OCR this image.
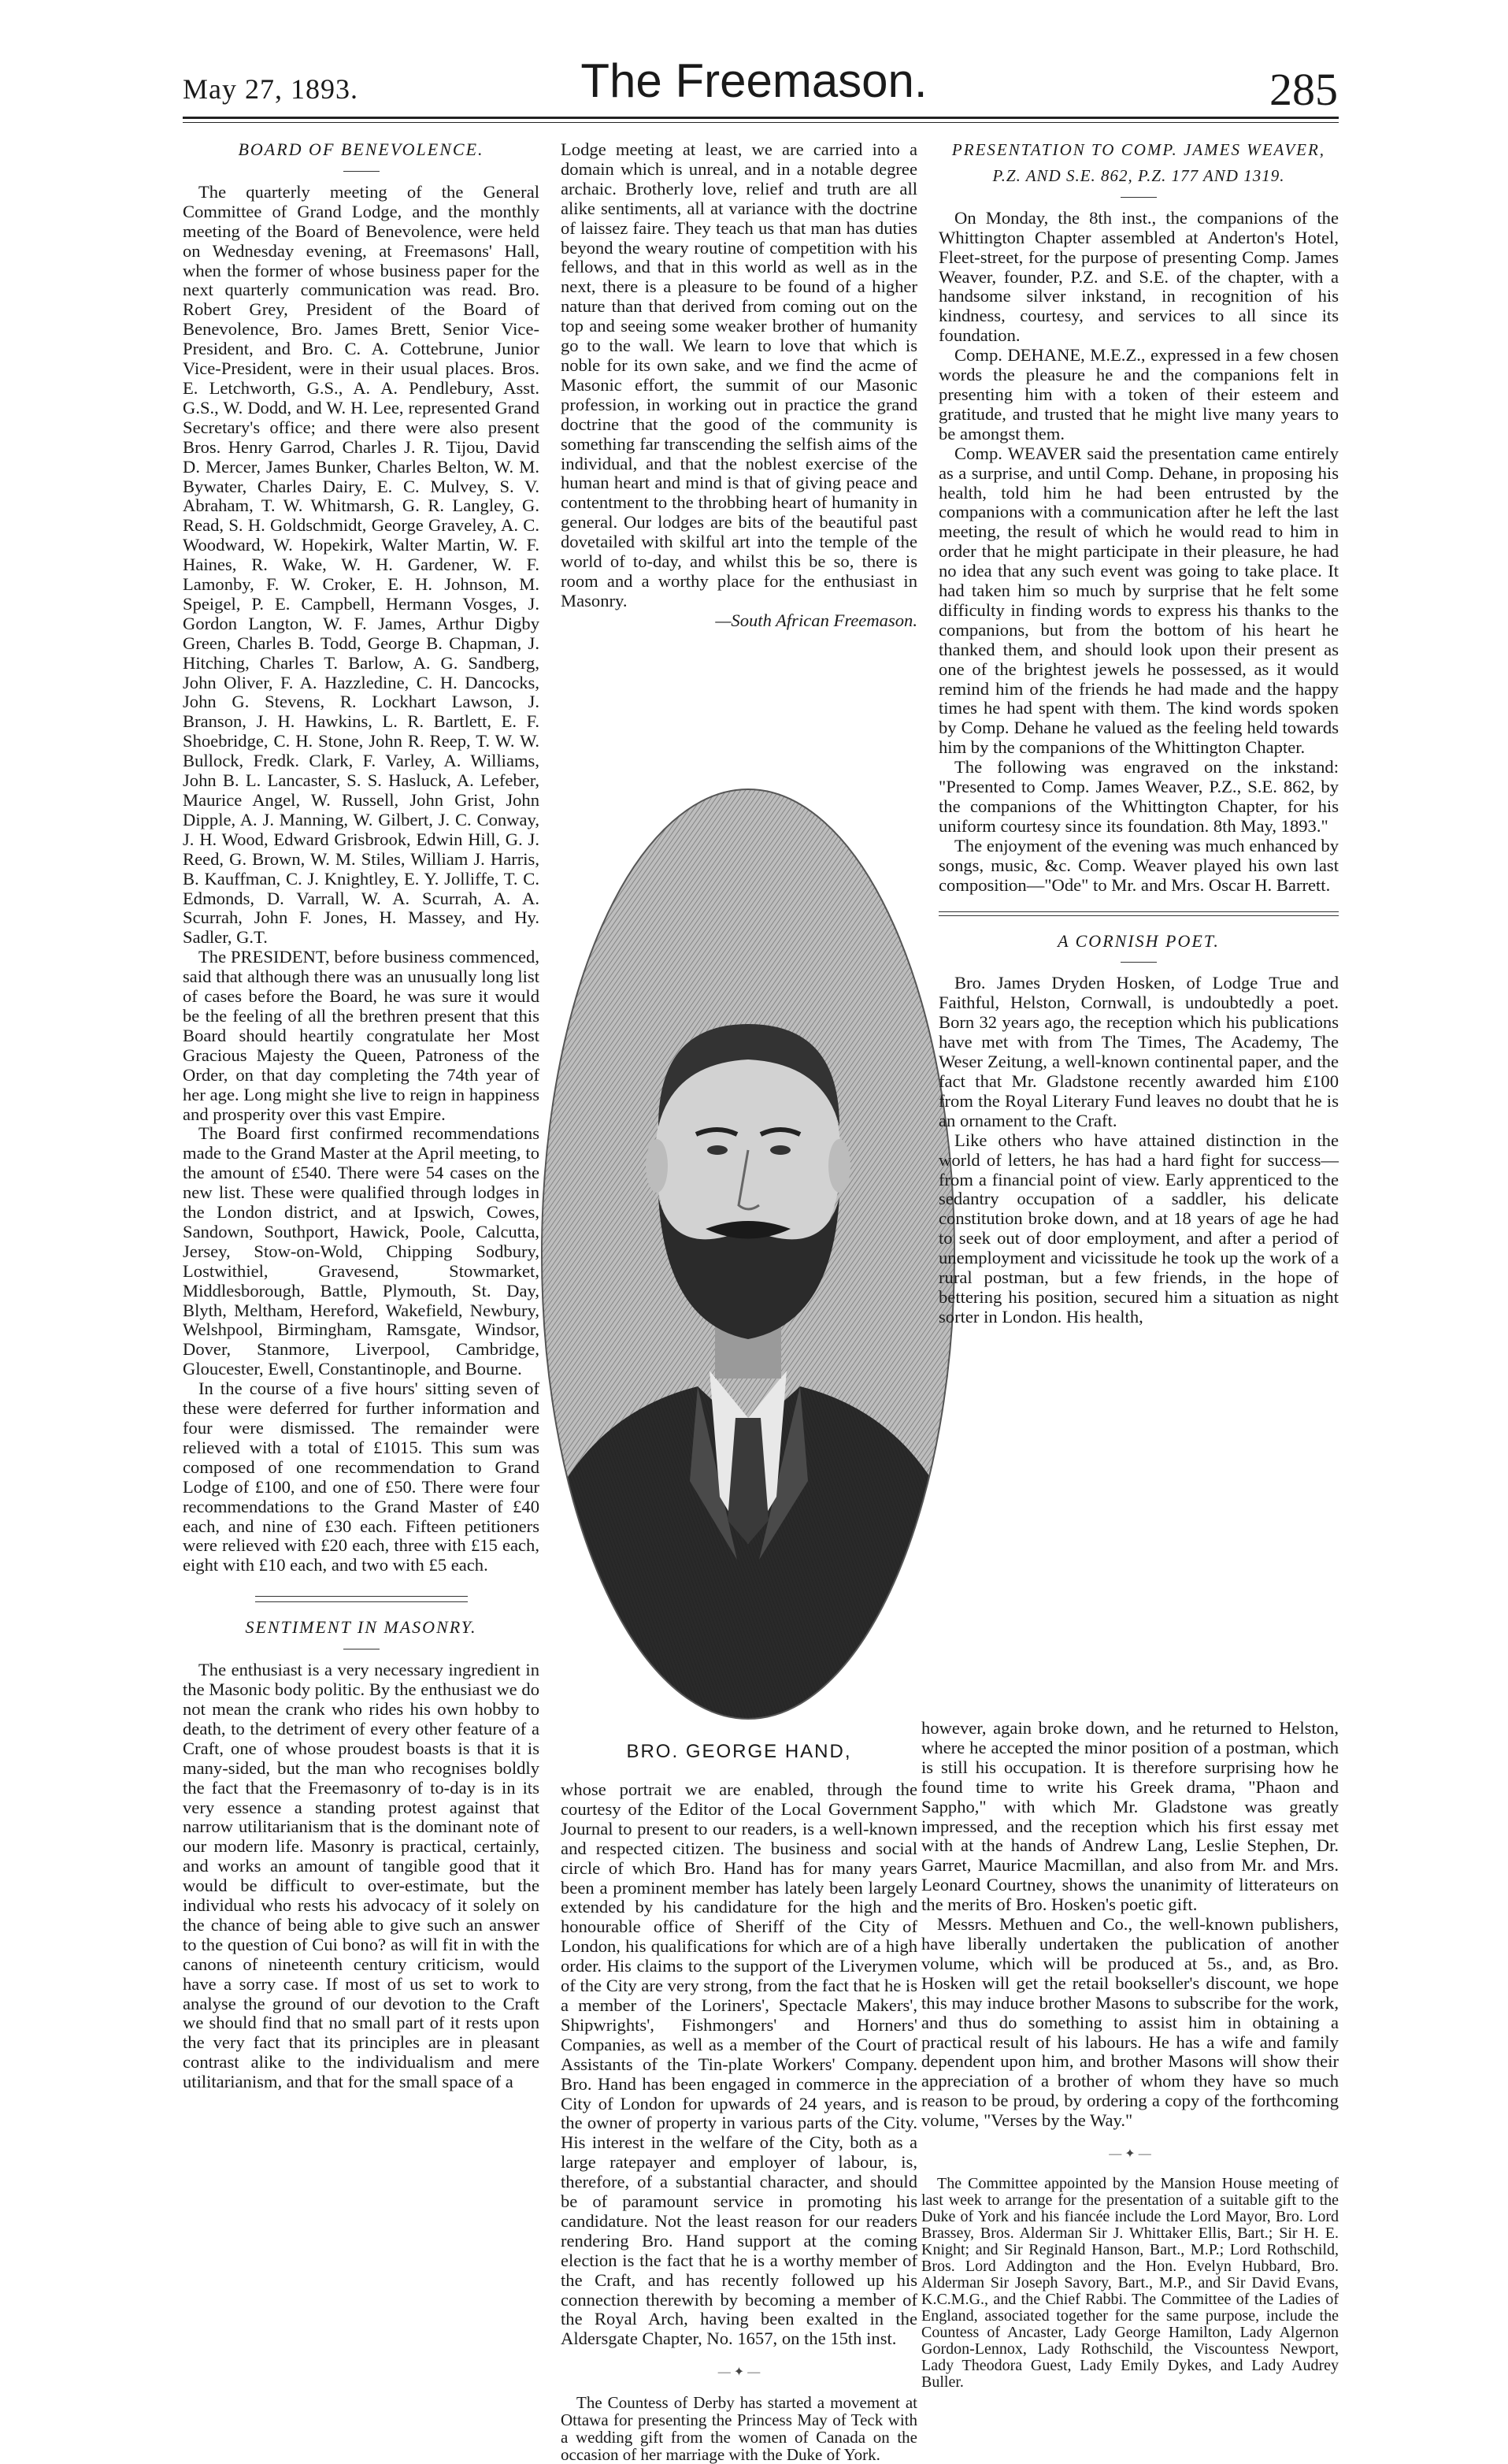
May 27, 1893.	The Freemason.	285
BOARD OF BENEVOLENCE.

The quarterly meeting of the General Committee of Grand Lodge, and the monthly meeting of the Board of Benevolence, were held on Wednesday evening, at Freemasons' Hall, when the former of whose business paper for the next quarterly communication was read. Bro. Robert Grey, President of the Board of Benevolence, Bro. James Brett, Senior Vice-President, and Bro. C. A. Cottebrune, Junior Vice-President, were in their usual places. Bros. E. Letchworth, G.S., A. A. Pendlebury, Asst. G.S., W. Dodd, and W. H. Lee, represented Grand Secretary's office; and there were also present Bros. Henry Garrod, Charles J. R. Tijou, David D. Mercer, James Bunker, Charles Belton, W. M. Bywater, Charles Dairy, E. C. Mulvey, S. V. Abraham, T. W. Whitmarsh, G. R. Langley, G. Read, S. H. Goldschmidt, George Graveley, A. C. Woodward, W. Hopekirk, Walter Martin, W. F. Haines, R. Wake, W. H. Gardener, W. F. Lamonby, F. W. Croker, E. H. Johnson, M. Speigel, P. E. Campbell, Hermann Vosges, J. Gordon Langton, W. F. James, Arthur Digby Green, Charles B. Todd, George B. Chapman, J. Hitching, Charles T. Barlow, A. G. Sandberg, John Oliver, F. A. Hazzledine, C. H. Dancocks, John G. Stevens, R. Lockhart Lawson, J. Branson, J. H. Hawkins, L. R. Bartlett, E. F. Shoebridge, C. H. Stone, John R. Reep, T. W. W. Bullock, Fredk. Clark, F. Varley, A. Williams, John B. L. Lancaster, S. S. Hasluck, A. Lefeber, Maurice Angel, W. Russell, John Grist, John Dipple, A. J. Manning, W. Gilbert, J. C. Conway, J. H. Wood, Edward Grisbrook, Edwin Hill, G. J. Reed, G. Brown, W. M. Stiles, William J. Harris, B. Kauffman, C. J. Knightley, E. Y. Jolliffe, T. C. Edmonds, D. Varrall, W. A. Scurrah, A. A. Scurrah, John F. Jones, H. Massey, and Hy. Sadler, G.T.

The PRESIDENT, before business commenced, said that although there was an unusually long list of cases before the Board, he was sure it would be the feeling of all the brethren present that this Board should heartily congratulate her Most Gracious Majesty the Queen, Patroness of the Order, on that day completing the 74th year of her age. Long might she live to reign in happiness and prosperity over this vast Empire.

The Board first confirmed recommendations made to the Grand Master at the April meeting, to the amount of £540. There were 54 cases on the new list. These were qualified through lodges in the London district, and at Ipswich, Cowes, Sandown, Southport, Hawick, Poole, Calcutta, Jersey, Stow-on-Wold, Chipping Sodbury, Lostwithiel, Gravesend, Stowmarket, Middlesborough, Battle, Plymouth, St. Day, Blyth, Meltham, Hereford, Wakefield, Newbury, Welshpool, Birmingham, Ramsgate, Windsor, Dover, Stanmore, Liverpool, Cambridge, Gloucester, Ewell, Constantinople, and Bourne.

In the course of a five hours' sitting seven of these were deferred for further information and four were dismissed. The remainder were relieved with a total of £1015. This sum was composed of one recommendation to Grand Lodge of £100, and one of £50. There were four recommendations to the Grand Master of £40 each, and nine of £30 each. Fifteen petitioners were relieved with £20 each, three with £15 each, eight with £10 each, and two with £5 each.

SENTIMENT IN MASONRY.

The enthusiast is a very necessary ingredient in the Masonic body politic. By the enthusiast we do not mean the crank who rides his own hobby to death, to the detriment of every other feature of a Craft, one of whose proudest boasts is that it is many-sided, but the man who recognises boldly the fact that the Freemasonry of to-day is in its very essence a standing protest against that narrow utilitarianism that is the dominant note of our modern life. Masonry is practical, certainly, and works an amount of tangible good that it would be difficult to over-estimate, but the individual who rests his advocacy of it solely on the chance of being able to give such an answer to the question of Cui bono? as will fit in with the canons of nineteenth century criticism, would have a sorry case. If most of us set to work to analyse the ground of our devotion to the Craft we should find that no small part of it rests upon the very fact that its principles are in pleasant contrast alike to the individualism and mere utilitarianism, and that for the small space of a

Lodge meeting at least, we are carried into a domain which is unreal, and in a notable degree archaic. Brotherly love, relief and truth are all alike sentiments, all at variance with the doctrine of laissez faire. They teach us that man has duties beyond the weary routine of competition with his fellows, and that in this world as well as in the next, there is a pleasure to be found of a higher nature than that derived from coming out on the top and seeing some weaker brother of humanity go to the wall. We learn to love that which is noble for its own sake, and we find the acme of Masonic effort, the summit of our Masonic profession, in working out in practice the grand doctrine that the good of the community is something far transcending the selfish aims of the individual, and that the noblest exercise of the human heart and mind is that of giving peace and contentment to the throbbing heart of humanity in general. Our lodges are bits of the beautiful past dovetailed with skilful art into the temple of the world of to-day, and whilst this be so, there is room and a worthy place for the enthusiast in Masonry.

—South African Freemason.

BRO. GEORGE HAND,

whose portrait we are enabled, through the courtesy of the Editor of the Local Government Journal to present to our readers, is a well-known and respected citizen. The business and social circle of which Bro. Hand has for many years been a prominent member has lately been largely extended by his candidature for the high and honourable office of Sheriff of the City of London, his qualifications for which are of a high order. His claims to the support of the Liverymen of the City are very strong, from the fact that he is a member of the Loriners', Spectacle Makers', Shipwrights', Fishmongers' and Horners' Companies, as well as a member of the Court of Assistants of the Tin-plate Workers' Company. Bro. Hand has been engaged in commerce in the City of London for upwards of 24 years, and is the owner of property in various parts of the City. His interest in the welfare of the City, both as a large ratepayer and employer of labour, is, therefore, of a substantial character, and should be of paramount service in promoting his candidature. Not the least reason for our readers rendering Bro. Hand support at the coming election is the fact that he is a worthy member of the Craft, and has recently followed up his connection therewith by becoming a member of the Royal Arch, having been exalted in the Aldersgate Chapter, No. 1657, on the 15th inst.

— ✦ —

The Countess of Derby has started a movement at Ottawa for presenting the Princess May of Teck with a wedding gift from the women of Canada on the occasion of her marriage with the Duke of York.

PRESENTATION TO COMP. JAMES WEAVER,
P.Z. AND S.E. 862, P.Z. 177 AND 1319.

On Monday, the 8th inst., the companions of the Whittington Chapter assembled at Anderton's Hotel, Fleet-street, for the purpose of presenting Comp. James Weaver, founder, P.Z. and S.E. of the chapter, with a handsome silver inkstand, in recognition of his kindness, courtesy, and services to all since its foundation.

Comp. DEHANE, M.E.Z., expressed in a few chosen words the pleasure he and the companions felt in presenting him with a token of their esteem and gratitude, and trusted that he might live many years to be amongst them.

Comp. WEAVER said the presentation came entirely as a surprise, and until Comp. Dehane, in proposing his health, told him he had been entrusted by the companions with a communication after he left the last meeting, the result of which he would read to him in order that he might participate in their pleasure, he had no idea that any such event was going to take place. It had taken him so much by surprise that he felt some difficulty in finding words to express his thanks to the companions, but from the bottom of his heart he thanked them, and should look upon their present as one of the brightest jewels he possessed, as it would remind him of the friends he had made and the happy times he had spent with them. The kind words spoken by Comp. Dehane he valued as the feeling held towards him by the companions of the Whittington Chapter.

The following was engraved on the inkstand: "Presented to Comp. James Weaver, P.Z., S.E. 862, by the companions of the Whittington Chapter, for his uniform courtesy since its foundation. 8th May, 1893."

The enjoyment of the evening was much enhanced by songs, music, &c. Comp. Weaver played his own last composition—"Ode" to Mr. and Mrs. Oscar H. Barrett.

A CORNISH POET.

Bro. James Dryden Hosken, of Lodge True and Faithful, Helston, Cornwall, is undoubtedly a poet. Born 32 years ago, the reception which his publications have met with from The Times, The Academy, The Weser Zeitung, a well-known continental paper, and the fact that Mr. Gladstone recently awarded him £100 from the Royal Literary Fund leaves no doubt that he is an ornament to the Craft.

Like others who have attained distinction in the world of letters, he has had a hard fight for success—from a financial point of view. Early apprenticed to the sedantry occupation of a saddler, his delicate constitution broke down, and at 18 years of age he had to seek out of door employment, and after a period of unemployment and vicissitude he took up the work of a rural postman, but a few friends, in the hope of bettering his position, secured him a situation as night sorter in London. His health,

however, again broke down, and he returned to Helston, where he accepted the minor position of a postman, which is still his occupation. It is therefore surprising how he found time to write his Greek drama, "Phaon and Sappho," with which Mr. Gladstone was greatly impressed, and the reception which his first essay met with at the hands of Andrew Lang, Leslie Stephen, Dr. Garret, Maurice Macmillan, and also from Mr. and Mrs. Leonard Courtney, shows the unanimity of litterateurs on the merits of Bro. Hosken's poetic gift.

Messrs. Methuen and Co., the well-known publishers, have liberally undertaken the publication of another volume, which will be produced at 5s., and, as Bro. Hosken will get the retail bookseller's discount, we hope this may induce brother Masons to subscribe for the work, and thus do something to assist him in obtaining a practical result of his labours. He has a wife and family dependent upon him, and brother Masons will show their appreciation of a brother of whom they have so much reason to be proud, by ordering a copy of the forthcoming volume, "Verses by the Way."

— ✦ —

The Committee appointed by the Mansion House meeting of last week to arrange for the presentation of a suitable gift to the Duke of York and his fiancée include the Lord Mayor, Bro. Lord Brassey, Bros. Alderman Sir J. Whittaker Ellis, Bart.; Sir H. E. Knight; and Sir Reginald Hanson, Bart., M.P.; Lord Rothschild, Bros. Lord Addington and the Hon. Evelyn Hubbard, Bro. Alderman Sir Joseph Savory, Bart., M.P., and Sir David Evans, K.C.M.G., and the Chief Rabbi. The Committee of the Ladies of England, associated together for the same purpose, include the Countess of Ancaster, Lady George Hamilton, Lady Algernon Gordon-Lennox, Lady Rothschild, the Viscountess Newport, Lady Theodora Guest, Lady Emily Dykes, and Lady Audrey Buller.
